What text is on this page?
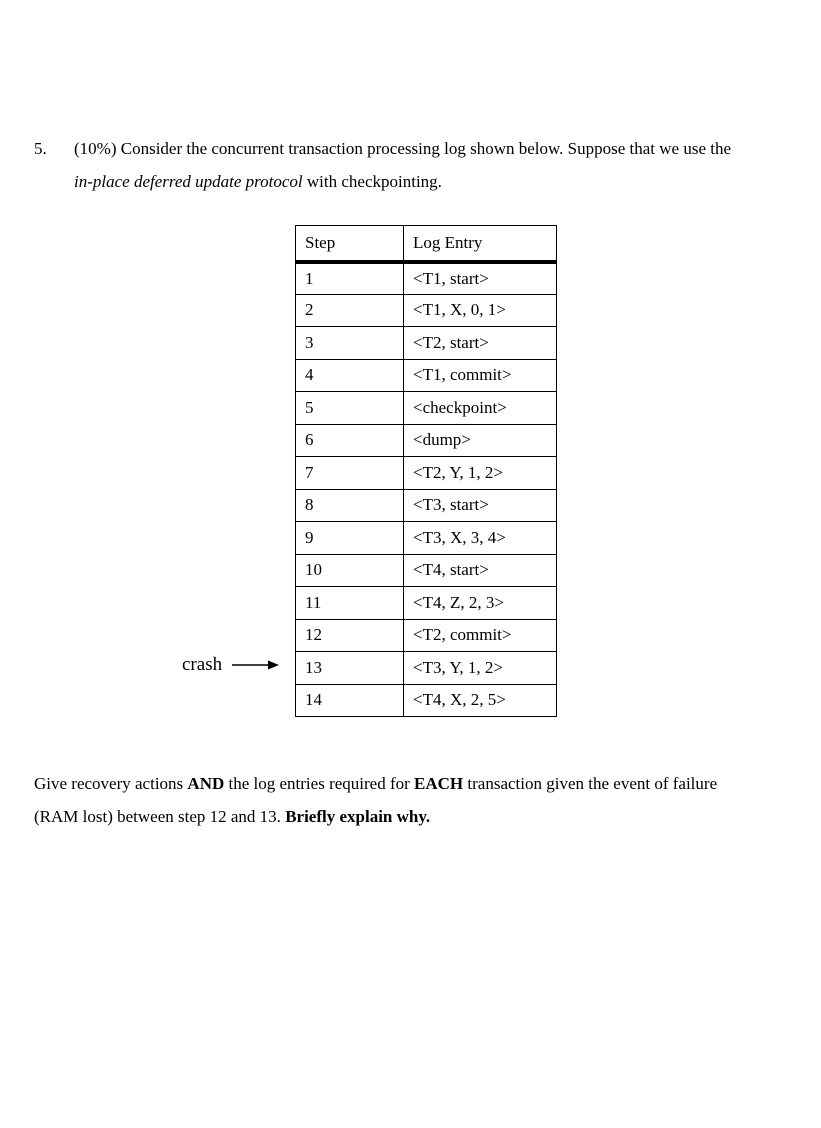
5. (10%) Consider the concurrent transaction processing log shown below. Suppose that we use the
in-place deferred update protocol with checkpointing.
Step	Log Entry
1	<T1, start>
2	<T1, X, 0, 1>
3	<T2, start>
4	<T1, commit>
5	<checkpoint>
6	<dump>
7	<T2, Y, 1, 2>
8	<T3, start>
9	<T3, X, 3, 4>
10	<T4, start>
11	<T4, Z, 2, 3>
12	<T2, commit>
13	<T3, Y, 1, 2>
14	<T4, X, 2, 5>
crash

Give recovery actions AND the log entries required for EACH transaction given the event of failure

(RAM lost) between step 12 and 13. Briefly explain why.
